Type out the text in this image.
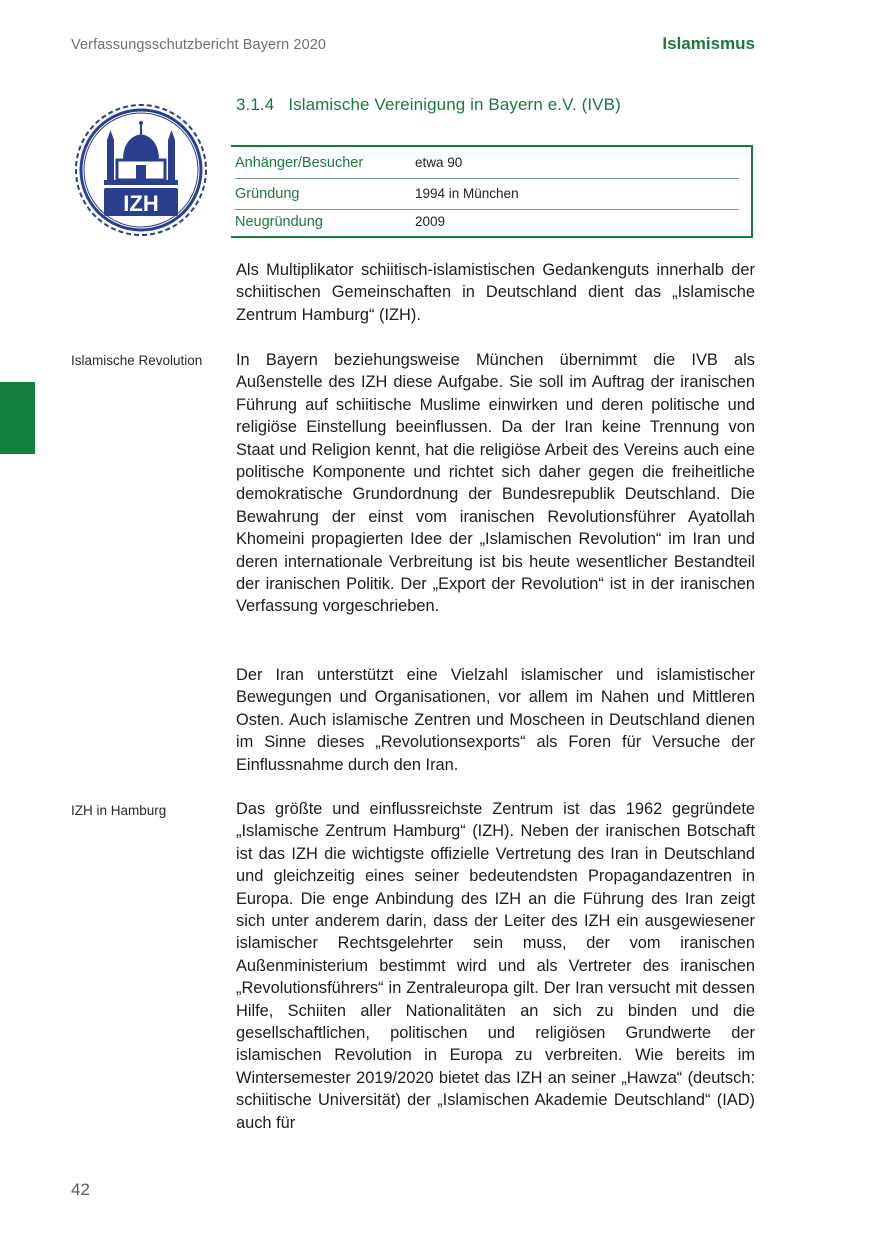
Verfassungsschutzbericht Bayern 2020	Islamismus
IZH
3.1.4 Islamische Vereinigung in Bayern e.V. (IVB)
Anhänger/Besucher	etwa 90
Gründung	1994 in München
Neugründung	2009
Als Multiplikator schiitisch-islamistischen Gedankenguts innerhalb der schiitischen Gemeinschaften in Deutschland dient das „Islamische Zentrum Hamburg“ (IZH).
Islamische Revolution In Bayern beziehungsweise München übernimmt die IVB als Außenstelle des IZH diese Aufgabe. Sie soll im Auftrag der iranischen Führung auf schiitische Muslime einwirken und deren politische und religiöse Einstellung beeinflussen. Da der Iran keine Trennung von Staat und Religion kennt, hat die religiöse Arbeit des Vereins auch eine politische Komponente und richtet sich daher gegen die freiheitliche demokratische Grundordnung der Bundesrepublik Deutschland. Die Bewahrung der einst vom iranischen Revolutionsführer Ayatollah Khomeini propagierten Idee der „Islamischen Revolution“ im Iran und deren internationale Verbreitung ist bis heute wesentlicher Bestandteil der iranischen Politik. Der „Export der Revolution“ ist in der iranischen Verfassung vorgeschrieben.
Der Iran unterstützt eine Vielzahl islamischer und islamistischer Bewegungen und Organisationen, vor allem im Nahen und Mittleren Osten. Auch islamische Zentren und Moscheen in Deutschland dienen im Sinne dieses „Revolutionsexports“ als Foren für Versuche der Einflussnahme durch den Iran.
IZH in Hamburg	Das größte und einflussreichste Zentrum ist das 1962 gegründete „Islamische Zentrum Hamburg“ (IZH). Neben der iranischen Botschaft ist das IZH die wichtigste offizielle Vertretung des Iran in Deutschland und gleichzeitig eines seiner bedeutendsten Propagandazentren in Europa. Die enge Anbindung des IZH an die Führung des Iran zeigt sich unter anderem darin, dass der Leiter des IZH ein ausgewiesener islamischer Rechtsgelehrter sein muss, der vom iranischen Außenministerium bestimmt wird und als Vertreter des iranischen „Revolutionsführers“ in Zentraleuropa gilt. Der Iran versucht mit dessen Hilfe, Schiiten aller Nationalitäten an sich zu binden und die gesellschaftlichen, politischen und religiösen Grundwerte der islamischen Revolution in Europa zu verbreiten. Wie bereits im Wintersemester 2019/2020 bietet das IZH an seiner „Hawza“ (deutsch: schiitische Universität) der „Islamischen Akademie Deutschland“ (IAD) auch für
42
